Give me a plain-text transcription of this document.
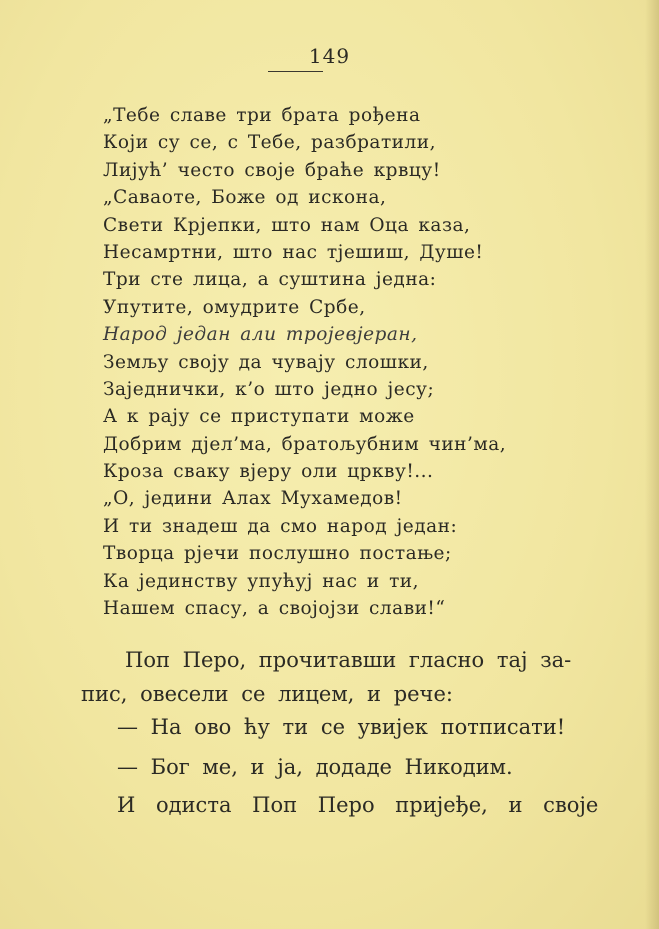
149
„Тебе славе три брата рођена
Који су се, с Тебе, разбратили,
Лијућ’ често своје браће крвцу!
„Саваоте, Боже од искона,
Свети Крјепки, што нам Оца каза,
Несамртни, што нас тјешиш, Душе!
Три сте лица, а суштина једна:
Упутите, омудрите Србе,
Народ један али тројевјеран,
Земљу своју да чувају слошки,
Заједнички, к’о што једно јесу;
А к рају се приступати може
Добрим дјел’ма, братољубним чин’ма,
Кроза сваку вјеру оли цркву!...
„О, једини Алах Мухамедов!
И ти знадеш да смо народ један:
Творца рјечи послушно постање;
Ка јединству упућуј нас и ти,
Нашем спасу, а својојзи слави!“
Поп Перо, прочитавши гласно тај за-
пис, овесели се лицем, и рече:
— На ово ћу ти се увијек потписати!
— Бог ме, и ја, додаде Никодим.
И одиста Поп Перо пријеђе, и своје
